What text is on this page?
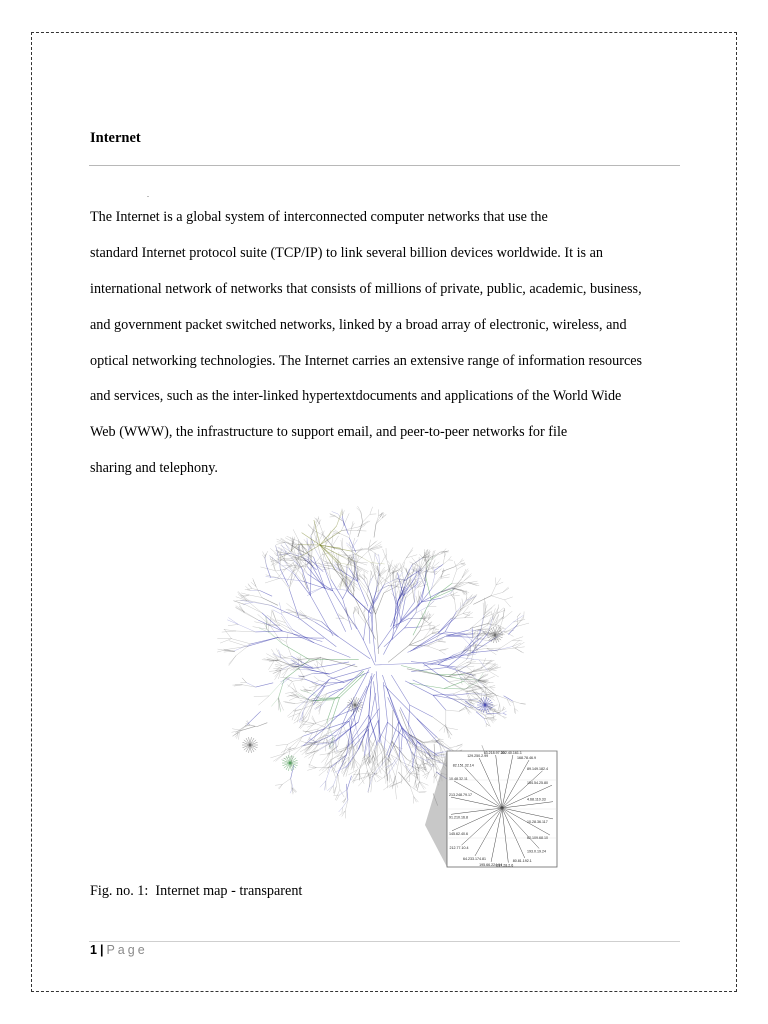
Internet
.
The Internet is a global system of interconnected computer networks that use the
standard Internet protocol suite (TCP/IP) to link several billion devices worldwide. It is an
international network of networks that consists of millions of private, public, academic, business,
and government packet switched networks, linked by a broad array of electronic, wireless, and
optical networking technologies. The Internet carries an extensive range of information resources
and services, such as the inter-linked hypertextdocuments and applications of the World Wide
Web (WWW), the infrastructure to support email, and peer-to-peer networks for file
sharing and telephony.
10.28.36.117
62.109.68.10
193.0.19.24
80.81.192.1
217.28.2.6
195.66.224.64
64.233.174.81
212.77.10.4
145.62.40.6
91.210.16.8
213.248.79.17
10.48.32.11
82.151.32.14
129.250.2.99
63.218.97.30
202.40.161.1
168.78.46.9
89.149.182.4
154.54.25.80
4.68.110.33
Fig. no. 1:  Internet map - transparent
1 | Page
